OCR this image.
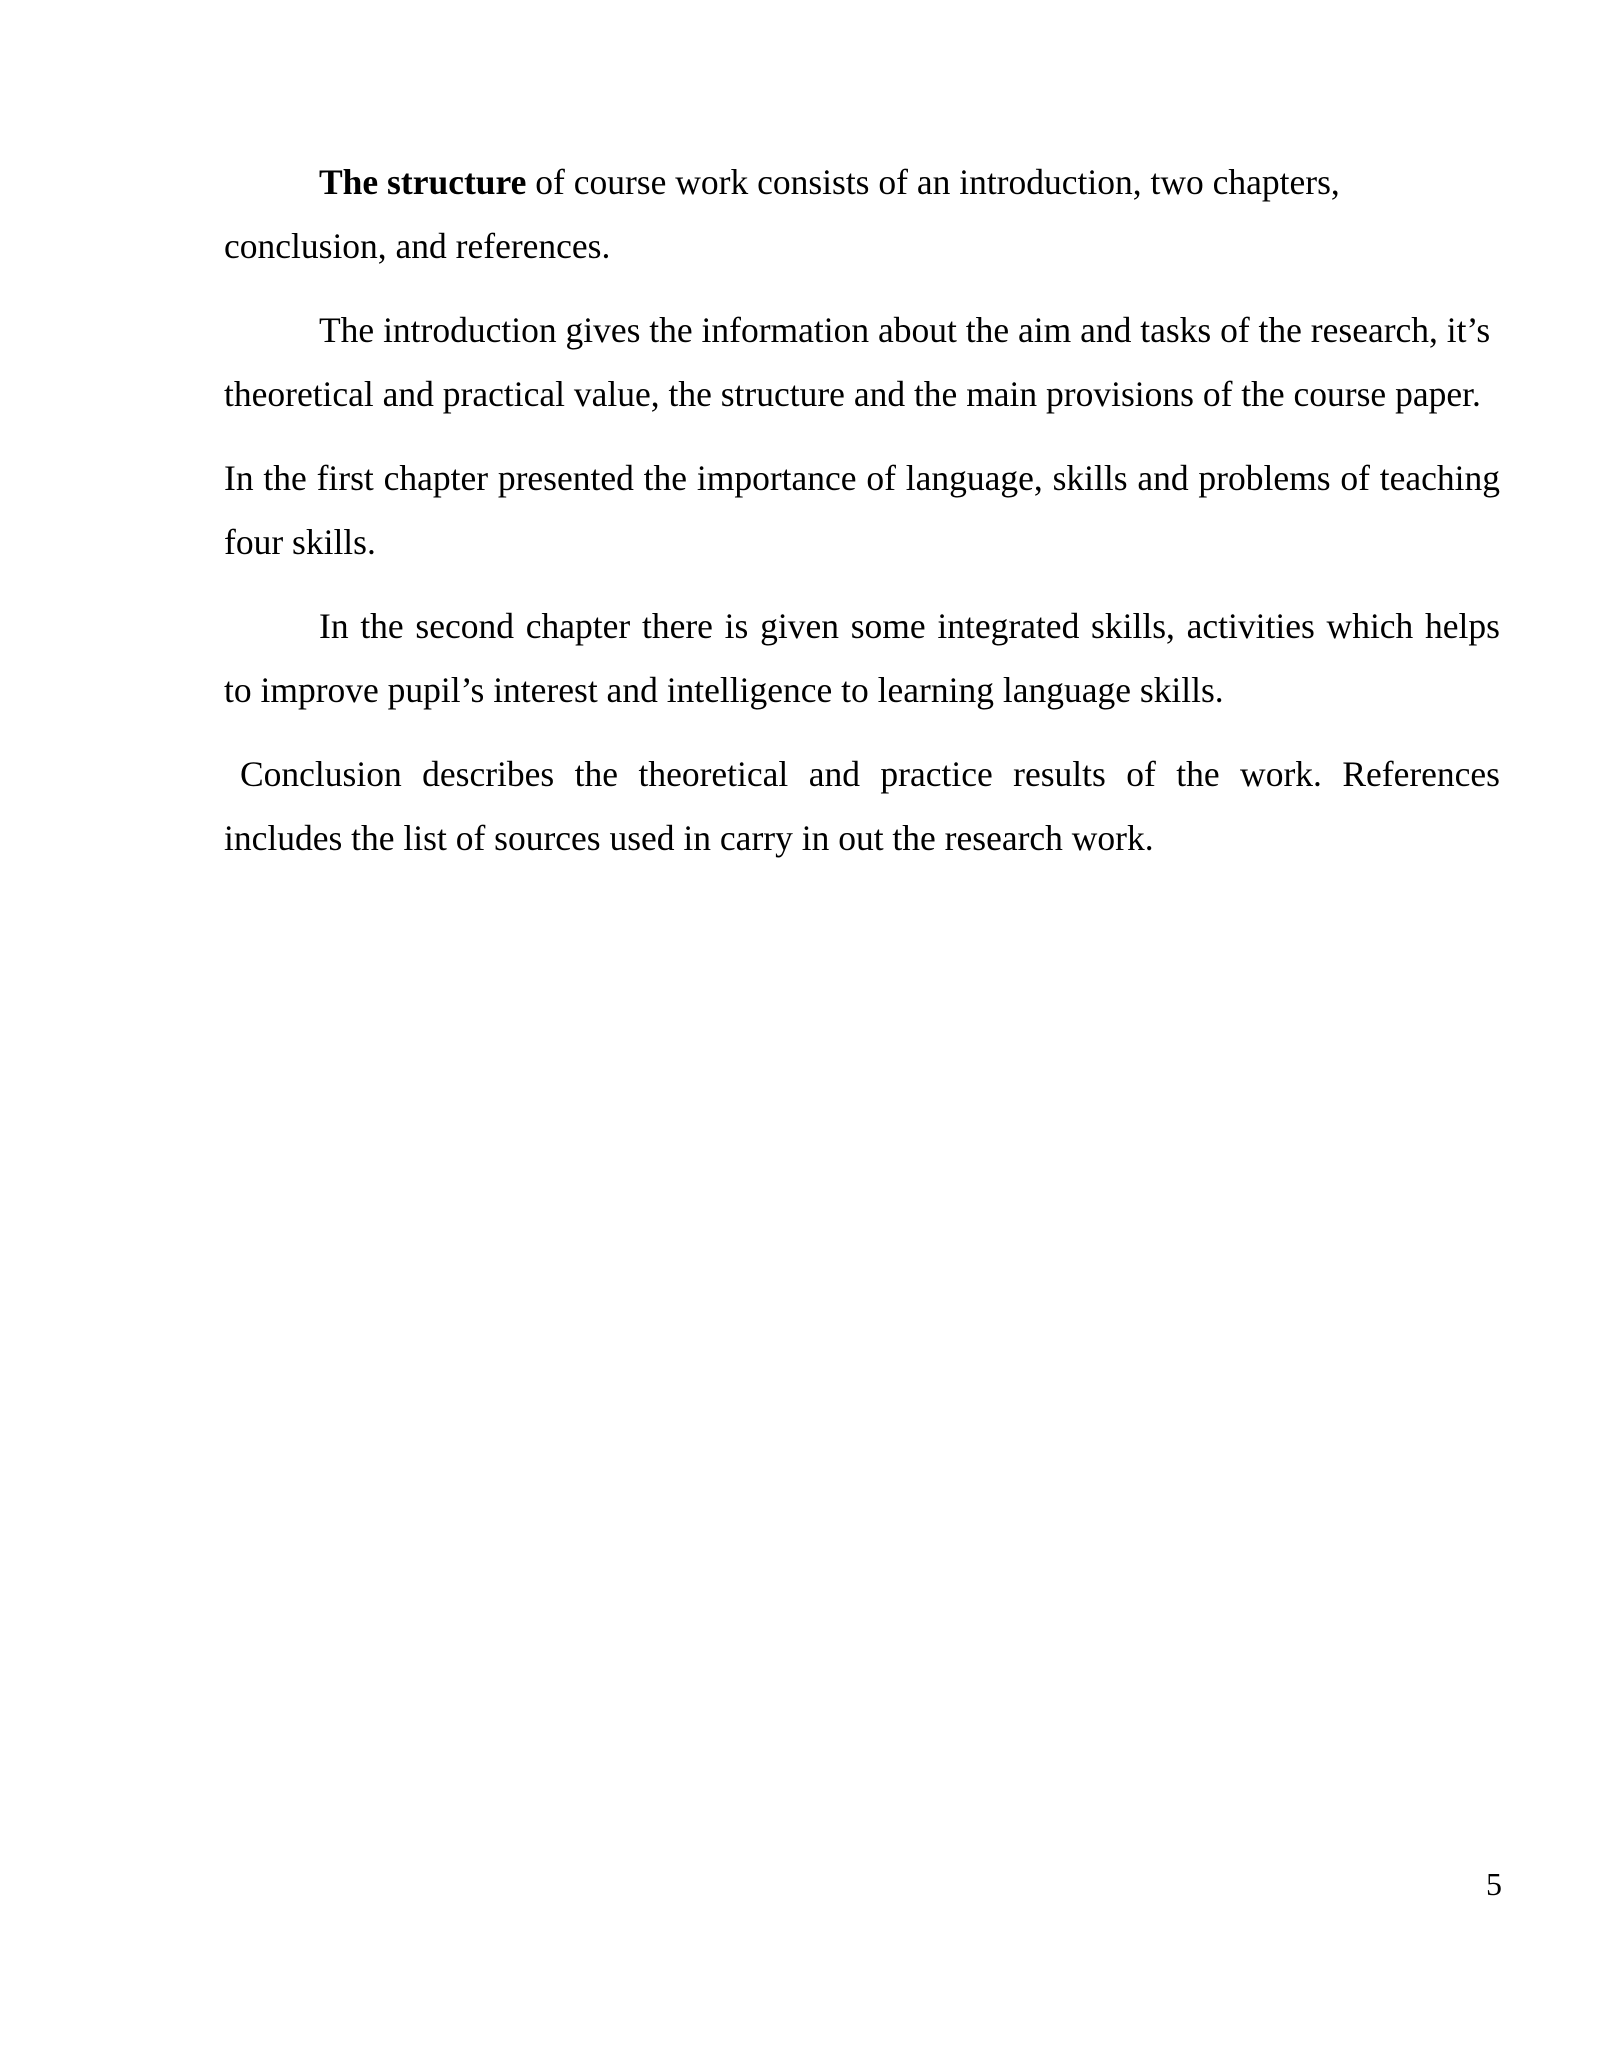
The structure of course work consists of an introduction, two chapters, conclusion, and references.

The introduction gives the information about the aim and tasks of the research, it’s theoretical and practical value, the structure and the main provisions of the course paper.

In the first chapter presented the importance of language, skills and problems of teaching four skills.

In the second chapter there is given some integrated skills, activities which helps to improve pupil’s interest and intelligence to learning language skills.

Conclusion describes the theoretical and practice results of the work. References includes the list of sources used in carry in out the research work.

5
